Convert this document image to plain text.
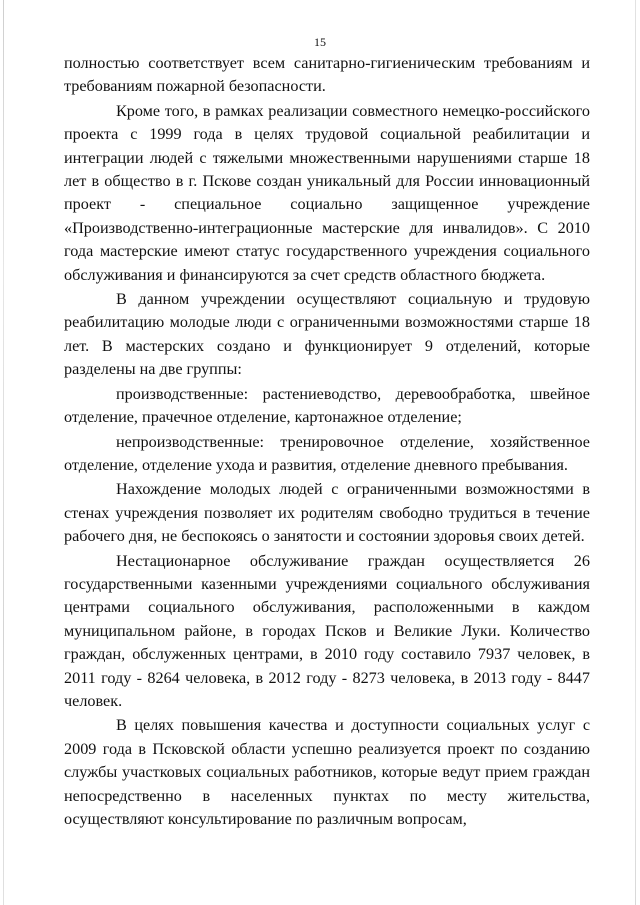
15

полностью соответствует всем санитарно-гигиеническим требованиям и требованиям пожарной безопасности.

Кроме того, в рамках реализации совместного немецко-российского проекта с 1999 года в целях трудовой социальной реабилитации и интеграции людей с тяжелыми множественными нарушениями старше 18 лет в общество в г. Пскове создан уникальный для России инновационный проект - специальное социально защищенное учреждение «Производственно-интеграционные мастерские для инвалидов». С 2010 года мастерские имеют статус государственного учреждения социального обслуживания и финансируются за счет средств областного бюджета.

В данном учреждении осуществляют социальную и трудовую реабилитацию молодые люди с ограниченными возможностями старше 18 лет. В мастерских создано и функционирует 9 отделений, которые разделены на две группы:

производственные: растениеводство, деревообработка, швейное отделение, прачечное отделение, картонажное отделение;

непроизводственные: тренировочное отделение, хозяйственное отделение, отделение ухода и развития, отделение дневного пребывания.

Нахождение молодых людей с ограниченными возможностями в стенах учреждения позволяет их родителям свободно трудиться в течение рабочего дня, не беспокоясь о занятости и состоянии здоровья своих детей.

Нестационарное обслуживание граждан осуществляется 26 государственными казенными учреждениями социального обслуживания центрами социального обслуживания, расположенными в каждом муниципальном районе, в городах Псков и Великие Луки. Количество граждан, обслуженных центрами, в 2010 году составило 7937 человек, в 2011 году - 8264 человека, в 2012 году - 8273 человека, в 2013 году - 8447 человек.

В целях повышения качества и доступности социальных услуг с 2009 года в Псковской области успешно реализуется проект по созданию службы участковых социальных работников, которые ведут прием граждан непосредственно в населенных пунктах по месту жительства, осуществляют консультирование по различным вопросам,
